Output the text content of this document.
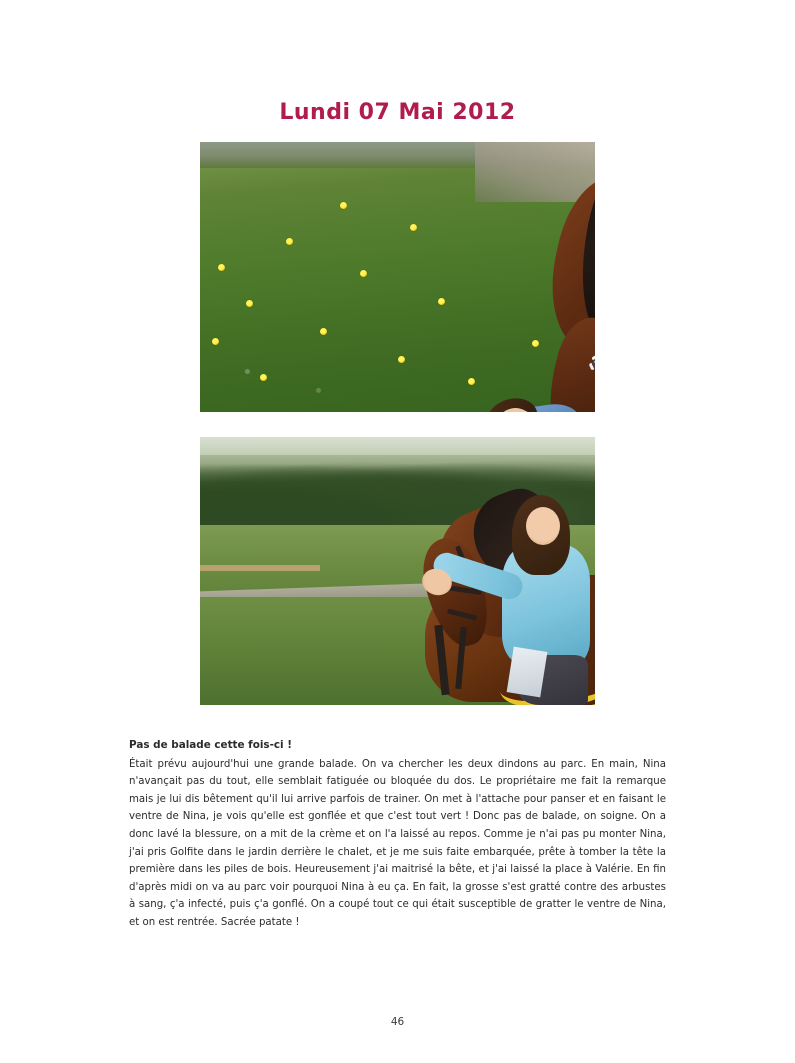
Lundi 07 Mai 2012
Pas de balade cette fois-ci !

Était prévu aujourd'hui une grande balade. On va chercher les deux dindons au parc. En main, Nina n'avançait pas du tout, elle semblait fatiguée ou bloquée du dos. Le propriétaire me fait la remarque mais je lui dis bêtement qu'il lui arrive parfois de trainer. On met à l'attache pour panser et en faisant le ventre de Nina, je vois qu'elle est gonflée et que c'est tout vert ! Donc pas de balade, on soigne. On a donc lavé la blessure, on a mit de la crème et on l'a laissé au repos. Comme je n'ai pas pu monter Nina, j'ai pris Golfite dans le jardin derrière le chalet, et je me suis faite embarquée, prête à tomber la tête la première dans les piles de bois. Heureusement j'ai maitrisé la bête, et j'ai laissé la place à Valérie. En fin d'après midi on va au parc voir pourquoi Nina à eu ça. En fait, la grosse s'est gratté contre des arbustes à sang, ç'a infecté, puis ç'a gonflé. On a coupé tout ce qui était susceptible de gratter le ventre de Nina, et on est rentrée. Sacrée patate !

46
